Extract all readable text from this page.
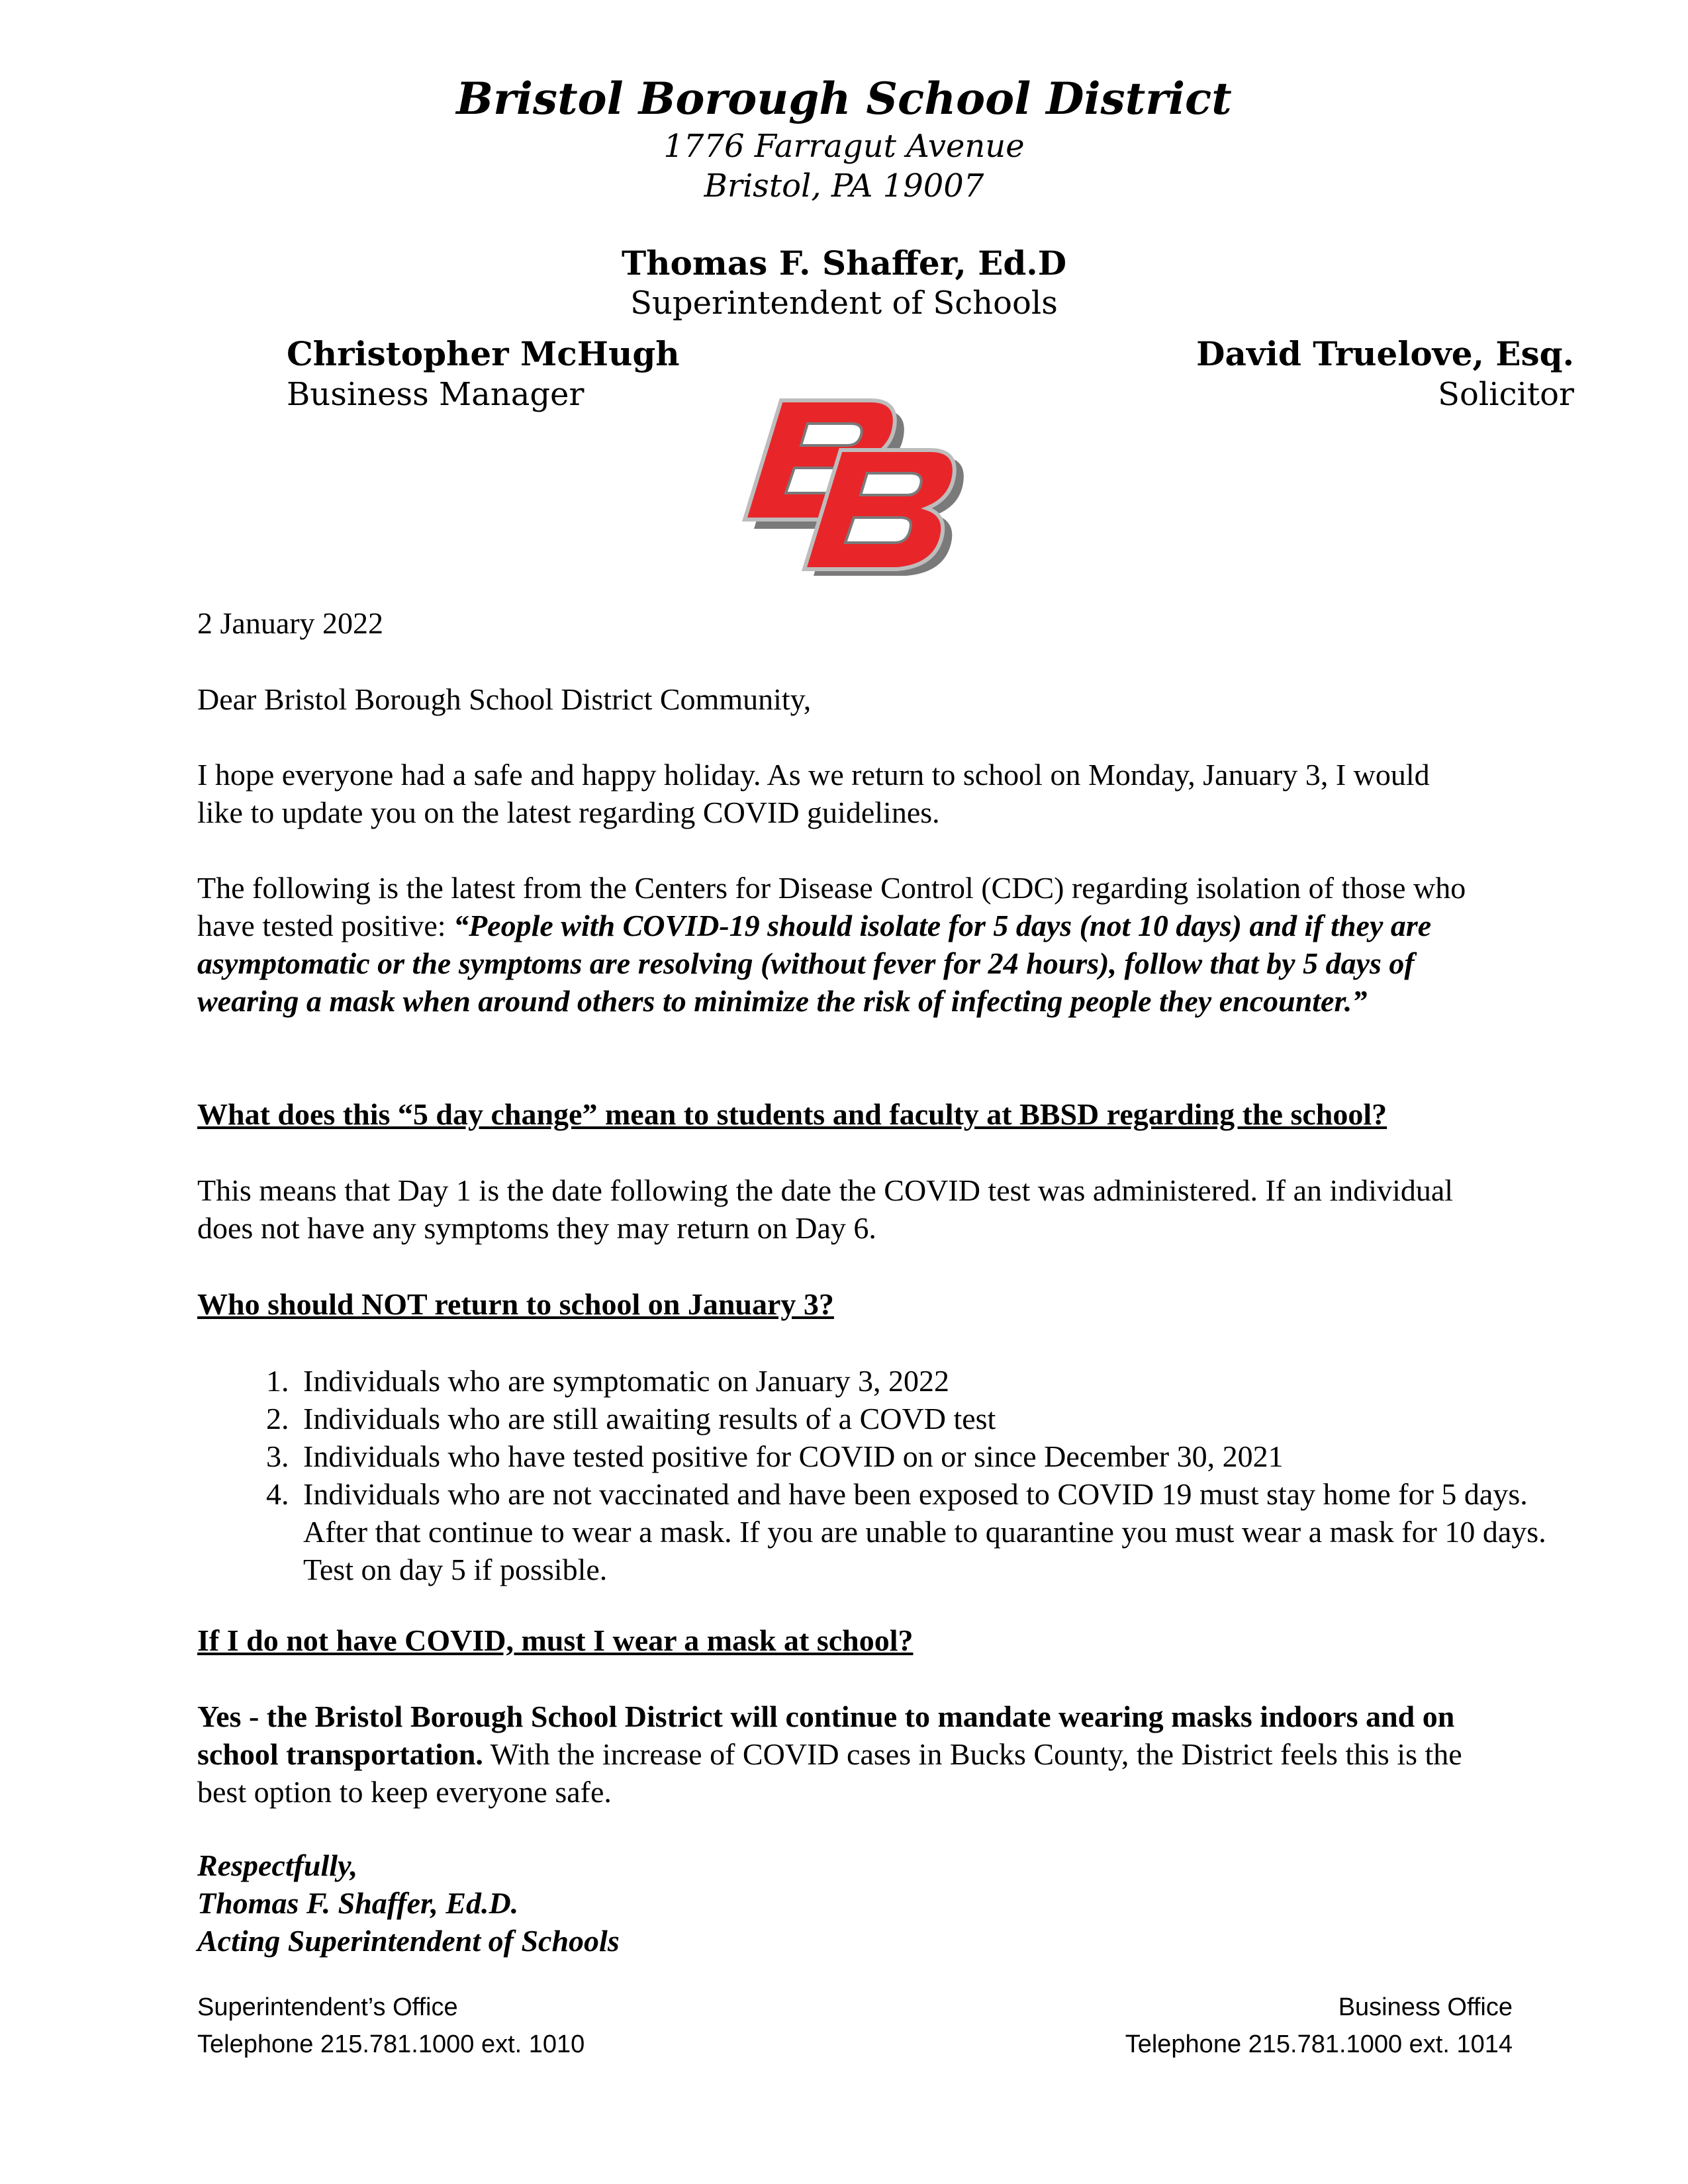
Bristol Borough School District
1776 Farragut Avenue
Bristol, PA 19007
Thomas F. Shaffer, Ed.D
Superintendent of Schools
Christopher McHugh
Business Manager
David Truelove, Esq.
Solicitor
2 January 2022
Dear Bristol Borough School District Community,
I hope everyone had a safe and happy holiday. As we return to school on Monday, January 3, I would like to update you on the latest regarding COVID guidelines.
The following is the latest from the Centers for Disease Control (CDC) regarding isolation of those who have tested positive: “People with COVID-19 should isolate for 5 days (not 10 days) and if they are asymptomatic or the symptoms are resolving (without fever for 24 hours), follow that by 5 days of wearing a mask when around others to minimize the risk of infecting people they encounter.”
What does this “5 day change” mean to students and faculty at BBSD regarding the school?
This means that Day 1 is the date following the date the COVID test was administered. If an individual does not have any symptoms they may return on Day 6.
Who should NOT return to school on January 3?
1. Individuals who are symptomatic on January 3, 2022
2. Individuals who are still awaiting results of a COVD test
3. Individuals who have tested positive for COVID on or since December 30, 2021
4. Individuals who are not vaccinated and have been exposed to COVID 19 must stay home for 5 days. After that continue to wear a mask. If you are unable to quarantine you must wear a mask for 10 days. Test on day 5 if possible.
If I do not have COVID, must I wear a mask at school?
Yes - the Bristol Borough School District will continue to mandate wearing masks indoors and on school transportation. With the increase of COVID cases in Bucks County, the District feels this is the best option to keep everyone safe.
Respectfully,
Thomas F. Shaffer, Ed.D.
Acting Superintendent of Schools
Superintendent’s Office
Telephone 215.781.1000 ext. 1010
Business Office
Telephone 215.781.1000 ext. 1014
